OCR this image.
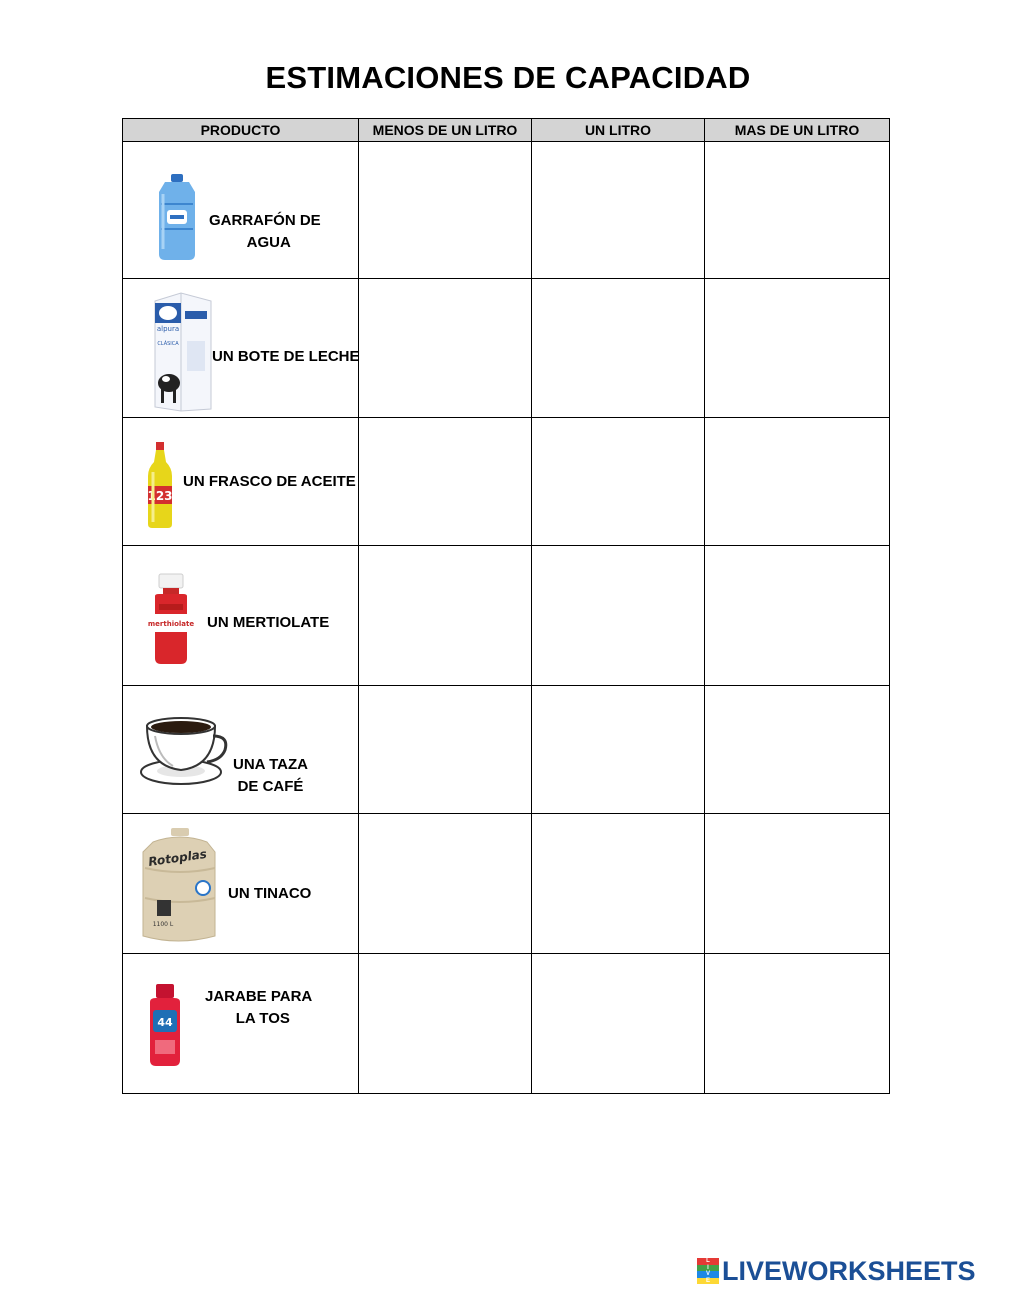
ESTIMACIONES DE CAPACIDAD
PRODUCTO	MENOS DE UN LITRO	UN LITRO	MAS DE UN LITRO

GARRAFÓN DE
AGUA			

alpura
CLÁSICA
UN BOTE DE LECHE			

123
UN FRASCO DE ACEITE			

merthiolate UN MERTIOLATE			

UNA TAZA
DE CAFÉ			

Rotoplas
1100 L
UN TINACO			

44
JARABE PARA
LA TOS			

L
I
V
E LIVEWORKSHEETS
